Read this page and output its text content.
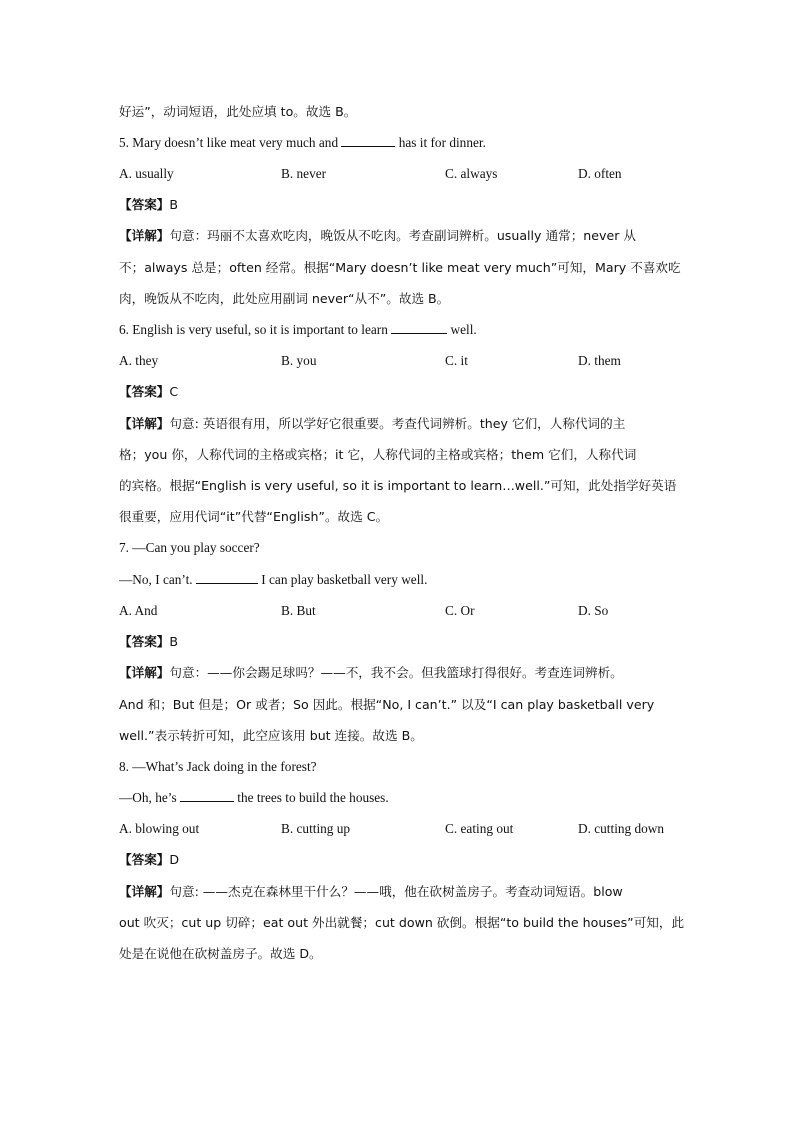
好运”，动词短语，此处应填 to。故选 B。
5. Mary doesn’t like meat very much and	has it for dinner.
A. usually	B. never	C. always	D. often
【答案】B
【详解】句意：玛丽不太喜欢吃肉，晚饭从不吃肉。考查副词辨析。usually 通常；never 从
不；always 总是；often 经常。根据“Mary doesn’t like meat very much”可知，Mary 不喜欢吃
肉，晚饭从不吃肉，此处应用副词 never“从不”。故选 B。
6. English is very useful, so it is important to learn	well.
A. they	B. you	C. it	D. them
【答案】C
【详解】句意: 英语很有用，所以学好它很重要。考查代词辨析。they 它们，人称代词的主
格；you 你，人称代词的主格或宾格；it 它，人称代词的主格或宾格；them 它们，人称代词
的宾格。根据“English is very useful, so it is important to learn…well.”可知，此处指学好英语
很重要，应用代词“it”代替“English”。故选 C。
7. —Can you play soccer?
—No, I can’t.	I can play basketball very well.
A. And	B. But	C. Or	D. So
【答案】B
【详解】句意：——你会踢足球吗？——不，我不会。但我篮球打得很好。考查连词辨析。
And 和；But 但是；Or 或者；So 因此。根据“No, I can’t.” 以及“I can play basketball very
well.”表示转折可知，此空应该用 but 连接。故选 B。
8. —What’s Jack doing in the forest?
—Oh, he’s	the trees to build the houses.
A. blowing out	B. cutting up	C. eating out	D. cutting down
【答案】D
【详解】句意: ——杰克在森林里干什么？——哦，他在砍树盖房子。考查动词短语。blow
out 吹灭；cut up 切碎；eat out 外出就餐；cut down 砍倒。根据“to build the houses”可知，此
处是在说他在砍树盖房子。故选 D。
